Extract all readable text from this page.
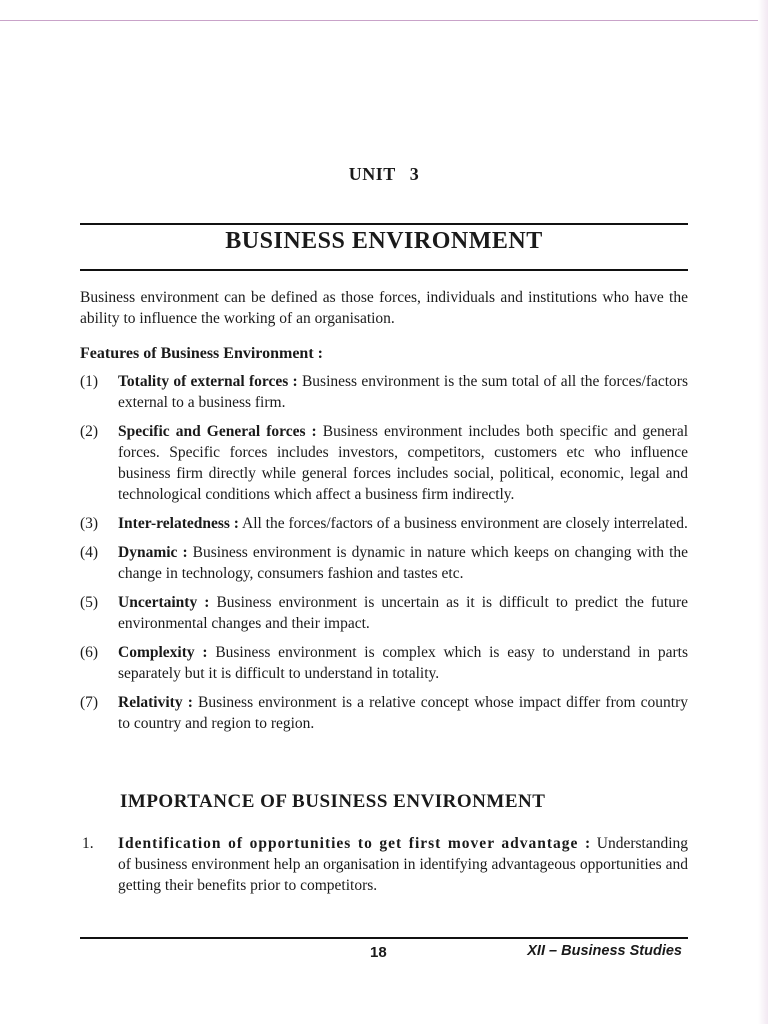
UNIT 3
BUSINESS ENVIRONMENT

Business environment can be defined as those forces, individuals and institutions who have the ability to influence the working of an organisation.

Features of Business Environment :
(1) Totality of external forces : Business environment is the sum total of all the forces/factors external to a business firm.
(2) Specific and General forces : Business environment includes both specific and general forces. Specific forces includes investors, competitors, customers etc who influence business firm directly while general forces includes social, political, economic, legal and technological conditions which affect a business firm indirectly.
(3) Inter-relatedness : All the forces/factors of a business environment are closely interrelated.
(4) Dynamic : Business environment is dynamic in nature which keeps on changing with the change in technology, consumers fashion and tastes etc.
(5) Uncertainty : Business environment is uncertain as it is difficult to predict the future environmental changes and their impact.
(6) Complexity : Business environment is complex which is easy to understand in parts separately but it is difficult to understand in totality.
(7) Relativity : Business environment is a relative concept whose impact differ from country to country and region to region.
IMPORTANCE OF BUSINESS ENVIRONMENT
1. Identification of opportunities to get first mover advantage : Understanding of business environment help an organisation in identifying advantageous opportunities and getting their benefits prior to competitors.
18	XII – Business Studies
